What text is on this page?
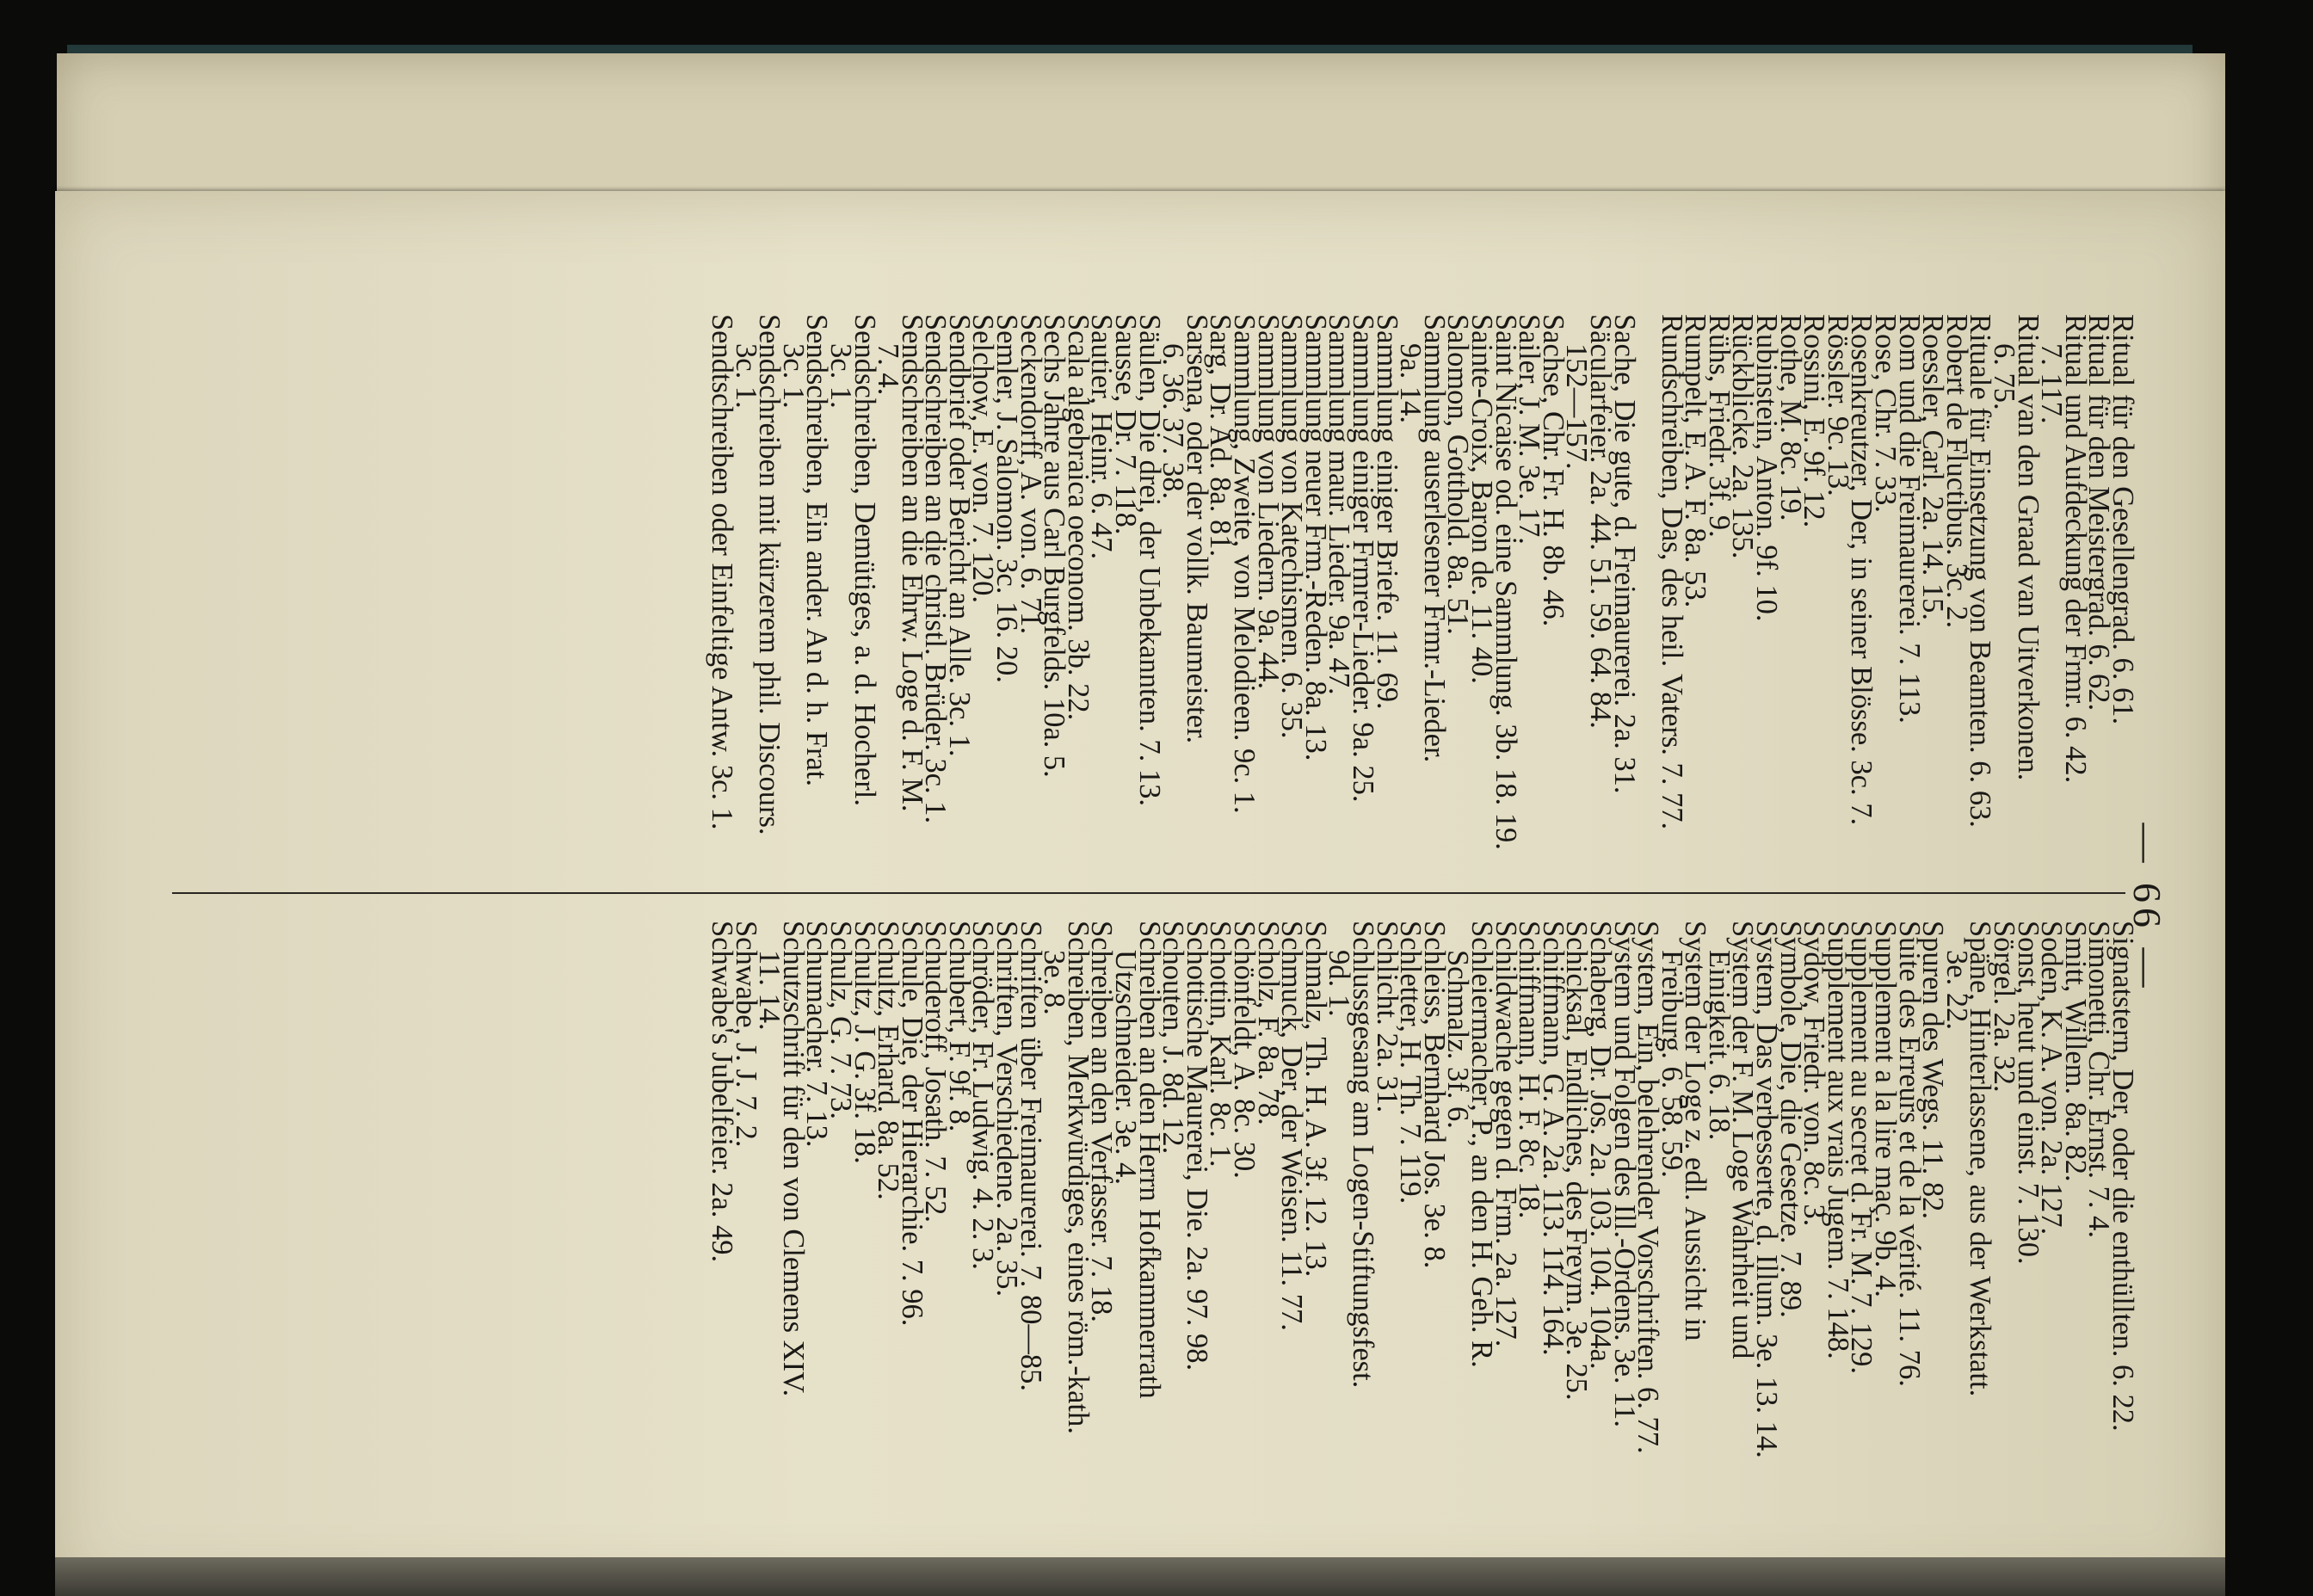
— 66 —
Ritual für den Gesellengrad. 6. 61.
Ritual für den Meistergrad. 6. 62.
Ritual und Aufdeckung der Frmr. 6. 42.
7. 117.
Ritual van den Graad van Uitverkonen.
6. 75.
Rituale für Einsetzung von Beamten. 6. 63.
Robert de Fluctibus. 3c. 2.
Roessler, Carl. 2a. 14. 15.
Rom und die Freimaurerei. 7. 113.
Rose, Chr. 7. 33.
Rosenkreutzer, Der, in seiner Blösse. 3c. 7.
Rössler. 9c. 13.
Rossini, E. 9f. 12.
Rothe, M. 8c. 19.
Rubinstein, Anton. 9f. 10.
Rückblicke. 2a. 135.
Rühs, Friedr. 3f. 9.
Rumpelt, E. A. F. 8a. 53.
Rundschreiben, Das, des heil. Vaters. 7. 77.
Sache, Die gute, d. Freimaurerei. 2a. 31.
Säcularfeier. 2a. 44. 51. 59. 64. 84.
152—157.
Sachse, Chr. Fr. H. 8b. 46.
Sailer, J. M. 3e. 17.
Saint Nicaise od. eine Sammlung. 3b. 18. 19.
Sainte-Croix, Baron de. 11. 40.
Salomon, Gotthold. 8a. 51.
Sammlung auserlesener Frmr.-Lieder.
9a. 14.
Sammlung einiger Briefe. 11. 69.
Sammlung einiger Frmrer-Lieder. 9a. 25.
Sammlung maur. Lieder. 9a. 47.
Sammlung neuer Frm.-Reden. 8a. 13.
Sammlung von Katechismen. 6. 35.
Sammlung von Liedern. 9a. 44.
Sammlung, Zweite, von Melodieen. 9c. 1.
Sarg, Dr. Ad. 8a. 81.
Sarsena, oder der vollk. Baumeister.
6. 36. 37. 38.
Säulen, Die drei, der Unbekannten. 7. 13.
Sausse, Dr. 7. 118.
Sautier, Heinr. 6. 47.
Scala algebraica oeconom. 3b. 22.
Sechs Jahre aus Carl Burgfelds. 10a. 5.
Seckendorff, A. von. 6. 71.
Semler, J. Salomon. 3c. 16. 20.
Selchow, E. von. 7. 120.
Sendbrief oder Bericht an Alle. 3c. 1.
Sendschreiben an die christl. Brüder. 3c. 1.
Sendschreiben an die Ehrw. Loge d. F. M.
7. 4.
Sendschreiben, Demütiges, a. d. Hocherl.
3c. 1.
Sendschreiben, Ein ander. An d. h. Frat.
3c. 1.
Sendschreiben mit kürzerem phil. Discours.
3c. 1.
Sendtschreiben oder Einfeltige Antw. 3c. 1.
Signatstern, Der, oder die enthüllten. 6. 22.
Simonetti, Chr. Ernst. 7. 4.
Smitt, Willem. 8a. 82.
Soden, K. A. von. 2a. 127.
Sonst, heut und einst. 7. 130.
Sörgel. 2a. 32.
Späne, Hinterlassene, aus der Werkstatt.
3e. 22.
Spuren des Wegs. 11. 82.
Suite des Erreurs et de la vérité. 11. 76.
Supplement a la lire maç. 9b. 4.
Supplement au secret d. Fr. M. 7. 129.
Supplement aux vrais Jugem. 7. 148.
Sydow, Friedr. von. 8c. 3.
Symbole, Die, die Gesetze. 7. 89.
System, Das verbesserte, d. Illum. 3e. 13. 14.
System der F. M. Loge Wahrheit und
Einigkeit. 6. 18.
System der Loge z. edl. Aussicht in
Freiburg. 6. 58. 59.
System, Ein, belehrender Vorschriften. 6. 77.
System und Folgen des Ill.-Ordens. 3e. 11.
Schaberg, Dr. Jos. 2a. 103. 104. 104a.
Schicksal, Endliches, des Freym. 3e. 25.
Schiffmann, G. A. 2a. 113. 114. 164.
Schiffmann, H. F. 8c. 18.
Schildwache gegen d. Frm. 2a. 127.
Schleiermacher, P., an den H. Geh. R.
Schmalz. 3f. 6.
Schleiss, Bernhard Jos. 3e. 8.
Schletter, H. Th. 7. 119.
Schlicht. 2a. 31.
Schlussgesang am Logen-Stiftungsfest.
9d. 1.
Schmalz, Th. H. A. 3f. 12. 13.
Schmuck, Der, der Weisen. 11. 77.
Scholz, F. 8a. 78.
Schönfeldt, A. 8c. 30.
Schottin, Karl. 8c. 1.
Schottische Maurerei, Die. 2a. 97. 98.
Schouten, J. 8d. 12.
Schreiben an den Herrn Hofkammerrath
Utzschneider. 3e. 4.
Schreiben an den Verfasser. 7. 18.
Schreiben, Merkwürdiges, eines röm.-kath.
3e. 8.
Schriften über Freimaurerei. 7. 80—85.
Schriften, Verschiedene. 2a. 35.
Schröder, Fr. Ludwig. 4. 2. 3.
Schubert, F. 9f. 8.
Schuderoff, Josath. 7. 52.
Schule, Die, der Hierarchie. 7. 96.
Schultz, Erhard. 8a. 52.
Schultz, J. G. 3f. 18.
Schulz, G. 7. 73.
Schumacher. 7. 13.
Schutzschrift für den von Clemens XIV.
11. 14.
Schwabe, J. J. 7. 2.
Schwabe's Jubelfeier. 2a. 49.
